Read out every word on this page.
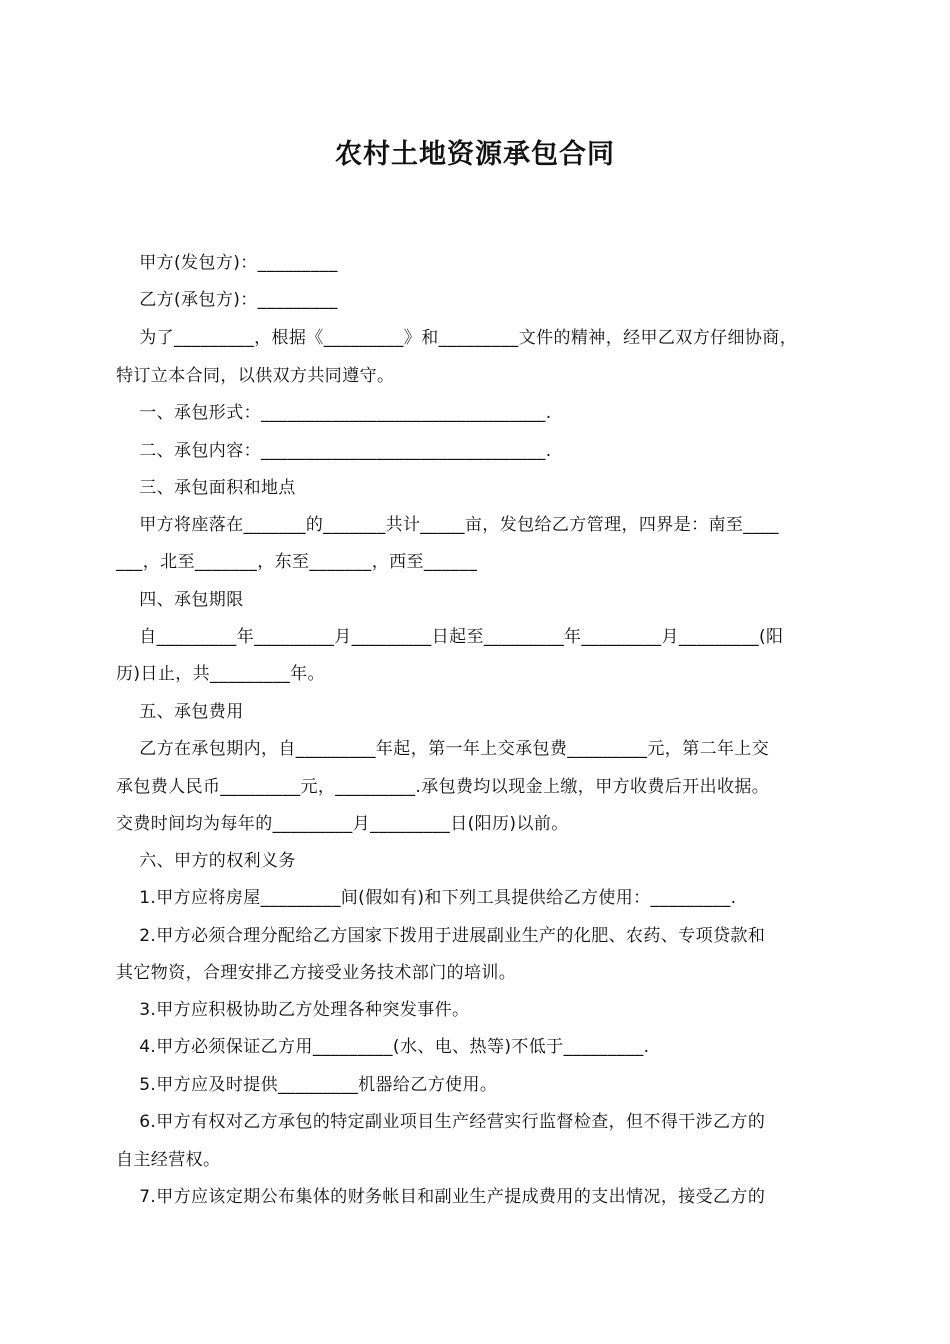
农村土地资源承包合同
　 甲方(发包方)：_________
　 乙方(承包方)：_________
　 为了_________，根据《_________》和_________文件的精神，经甲乙双方仔细协商，
特订立本合同，以供双方共同遵守。
　 一、承包形式：________________________________.
　 二、承包内容：________________________________.
　 三、承包面积和地点
　 甲方将座落在_______的_______共计_____亩，发包给乙方管理，四界是：南至____
___，北至_______，东至_______，西至______
　 四、承包期限
　 自_________年_________月_________日起至_________年_________月_________(阳
历)日止，共_________年。
　 五、承包费用
　 乙方在承包期内，自_________年起，第一年上交承包费_________元，第二年上交
承包费人民币_________元，_________.承包费均以现金上缴，甲方收费后开出收据。
交费时间均为每年的_________月_________日(阳历)以前。
　 六、甲方的权利义务
　 1.甲方应将房屋_________间(假如有)和下列工具提供给乙方使用：_________.
　 2.甲方必须合理分配给乙方国家下拨用于进展副业生产的化肥、农药、专项贷款和
其它物资，合理安排乙方接受业务技术部门的培训。
　 3.甲方应积极协助乙方处理各种突发事件。
　 4.甲方必须保证乙方用_________(水、电、热等)不低于_________.
　 5.甲方应及时提供_________机器给乙方使用。
　 6.甲方有权对乙方承包的特定副业项目生产经营实行监督检查，但不得干涉乙方的
自主经营权。
　 7.甲方应该定期公布集体的财务帐目和副业生产提成费用的支出情况，接受乙方的
